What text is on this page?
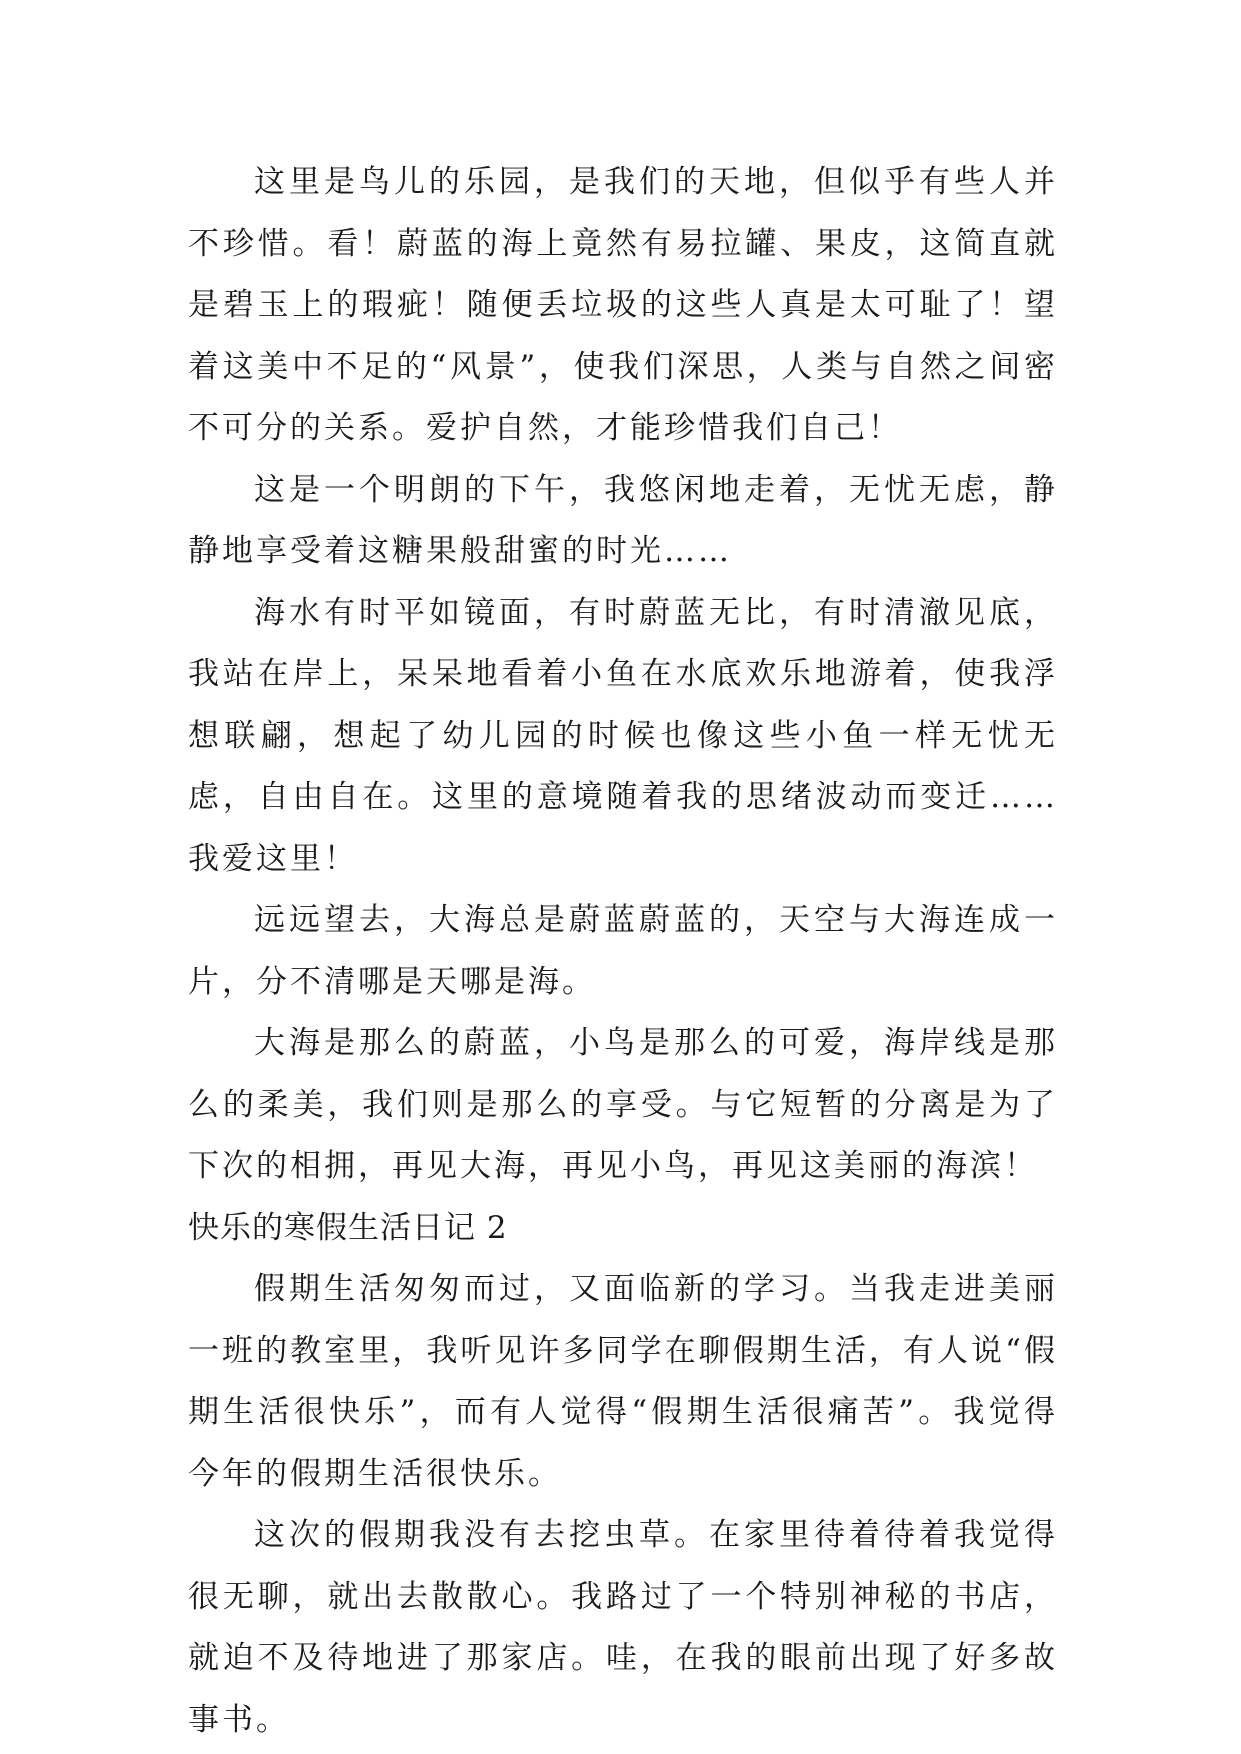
这里是鸟儿的乐园，是我们的天地，但似乎有些人并不珍惜。看！蔚蓝的海上竟然有易拉罐、果皮，这简直就是碧玉上的瑕疵！随便丢垃圾的这些人真是太可耻了！望着这美中不足的“风景”，使我们深思，人类与自然之间密不可分的关系。爱护自然，才能珍惜我们自己！

这是一个明朗的下午，我悠闲地走着，无忧无虑，静静地享受着这糖果般甜蜜的时光……

海水有时平如镜面，有时蔚蓝无比，有时清澈见底，我站在岸上，呆呆地看着小鱼在水底欢乐地游着，使我浮想联翩，想起了幼儿园的时候也像这些小鱼一样无忧无虑，自由自在。这里的意境随着我的思绪波动而变迁……我爱这里！

远远望去，大海总是蔚蓝蔚蓝的，天空与大海连成一片，分不清哪是天哪是海。

大海是那么的蔚蓝，小鸟是那么的可爱，海岸线是那么的柔美，我们则是那么的享受。与它短暂的分离是为了下次的相拥，再见大海，再见小鸟，再见这美丽的海滨！

快乐的寒假生活日记 2

假期生活匆匆而过，又面临新的学习。当我走进美丽一班的教室里，我听见许多同学在聊假期生活，有人说“假期生活很快乐”，而有人觉得“假期生活很痛苦”。我觉得今年的假期生活很快乐。

这次的假期我没有去挖虫草。在家里待着待着我觉得很无聊，就出去散散心。我路过了一个特别神秘的书店，就迫不及待地进了那家店。哇，在我的眼前出现了好多故事书。
